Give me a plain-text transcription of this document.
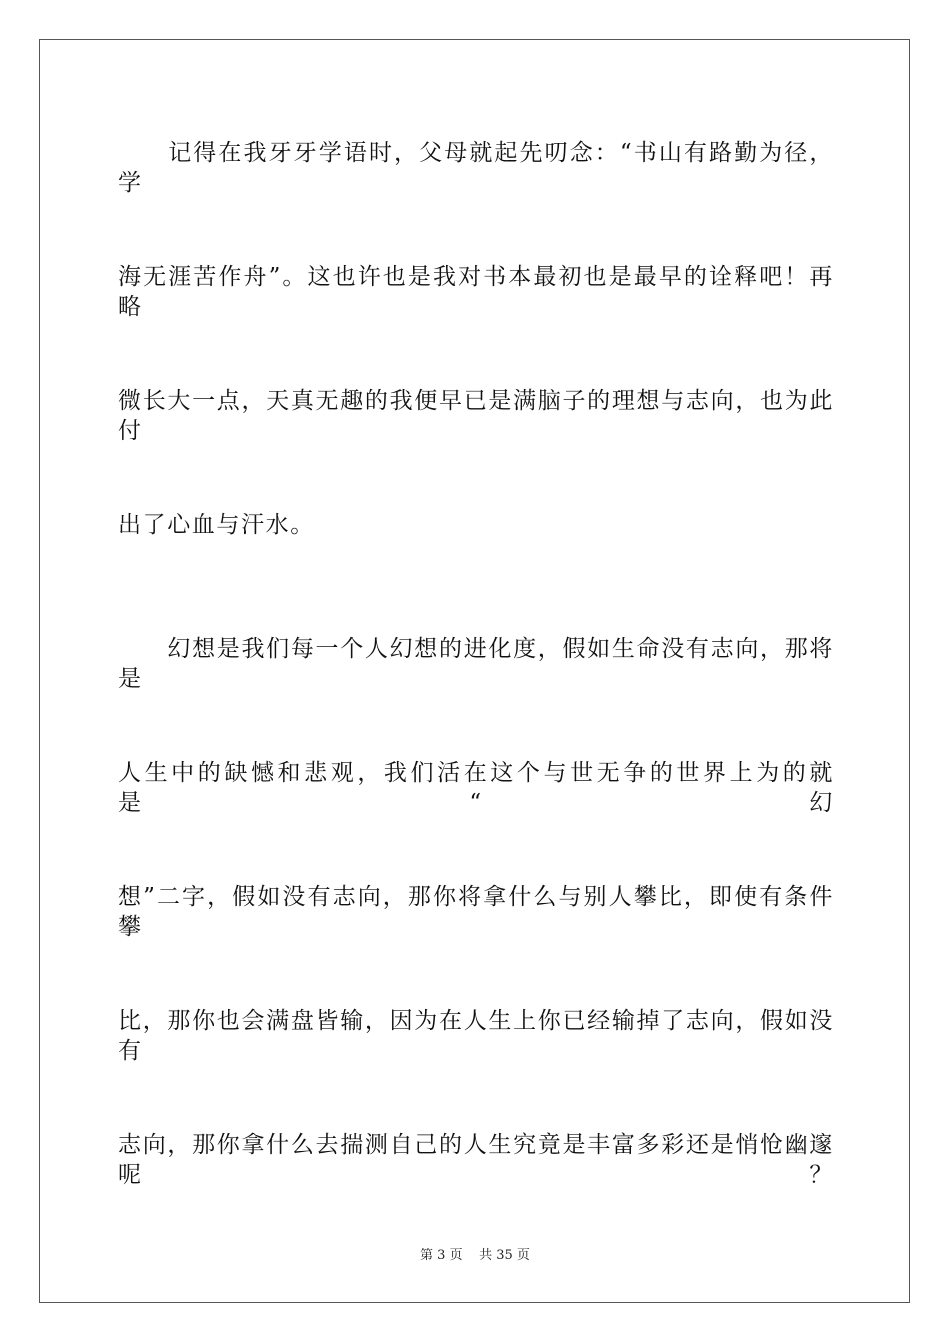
　　记得在我牙牙学语时，父母就起先叨念：“书山有路勤为径，学
海无涯苦作舟”。这也许也是我对书本最初也是最早的诠释吧！再略
微长大一点，天真无趣的我便早已是满脑子的理想与志向，也为此付
出了心血与汗水。
　　幻想是我们每一个人幻想的进化度，假如生命没有志向，那将是
人生中的缺憾和悲观，我们活在这个与世无争的世界上为的就是“幻
想”二字，假如没有志向，那你将拿什么与别人攀比，即使有条件攀
比，那你也会满盘皆输，因为在人生上你已经输掉了志向，假如没有
志向，那你拿什么去揣测自己的人生究竟是丰富多彩还是悄怆幽邃呢？
第 3 页 共 35 页
